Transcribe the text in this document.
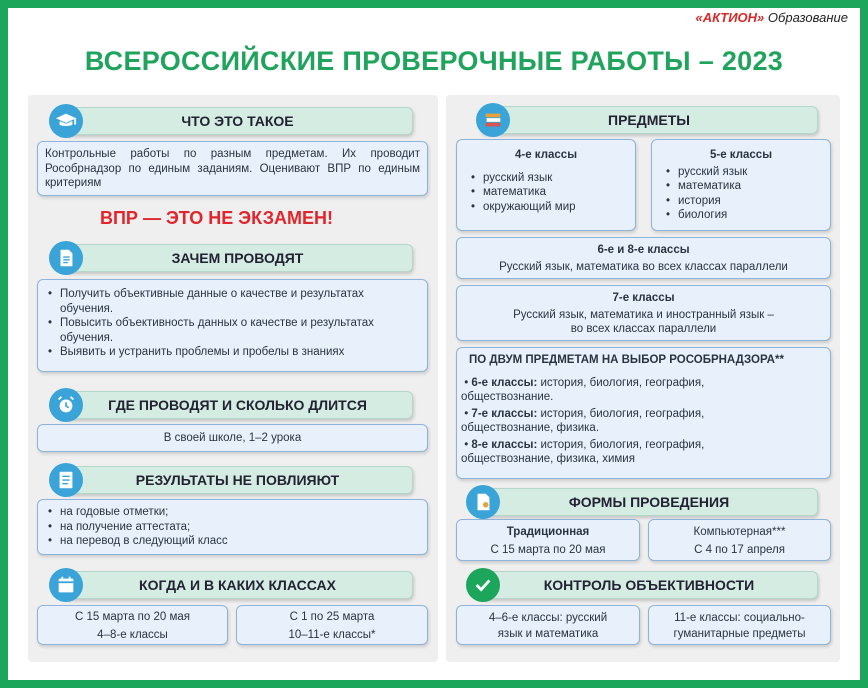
«АКТИОН» Образование
ВСЕРОССИЙСКИЕ ПРОВЕРОЧНЫЕ РАБОТЫ – 2023
ЧТО ЭТО ТАКОЕ
Контрольные работы по разным предметам. Их проводит Рособрнадзор по единым заданиям. Оценивают ВПР по единым критериям
ВПР — ЭТО НЕ ЭКЗАМЕН!
ЗАЧЕМ ПРОВОДЯТ
• Получить объективные данные о качестве и результатах обучения.
• Повысить объективность данных о качестве и результатах обучения.
• Выявить и устранить проблемы и пробелы в знаниях
ГДЕ ПРОВОДЯТ И СКОЛЬКО ДЛИТСЯ
В своей школе, 1–2 урока
РЕЗУЛЬТАТЫ НЕ ПОВЛИЯЮТ
• на годовые отметки;
• на получение аттестата;
• на перевод в следующий класс
КОГДА И В КАКИХ КЛАССАХ
С 15 марта по 20 мая
4–8-е классы
С 1 по 25 марта
10–11-е классы*
ПРЕДМЕТЫ
4-е классы
• русский язык
• математика
• окружающий мир
5-е классы
• русский язык
• математика
• история
• биология
6-е и 8-е классы
Русский язык, математика во всех классах параллели
7-е классы
Русский язык, математика и иностранный язык –
во всех классах параллели
ПО ДВУМ ПРЕДМЕТАМ НА ВЫБОР РОСОБРНАДЗОРА**
• 6-е классы: история, биология, география,
обществознание.
• 7-е классы: история, биология, география,
обществознание, физика.
• 8-е классы: история, биология, география,
обществознание, физика, химия
ФОРМЫ ПРОВЕДЕНИЯ
Традиционная
С 15 марта по 20 мая
Компьютерная***
С 4 по 17 апреля
КОНТРОЛЬ ОБЪЕКТИВНОСТИ
4–6-е классы: русский
язык и математика
11-е классы: социально-
гуманитарные предметы
